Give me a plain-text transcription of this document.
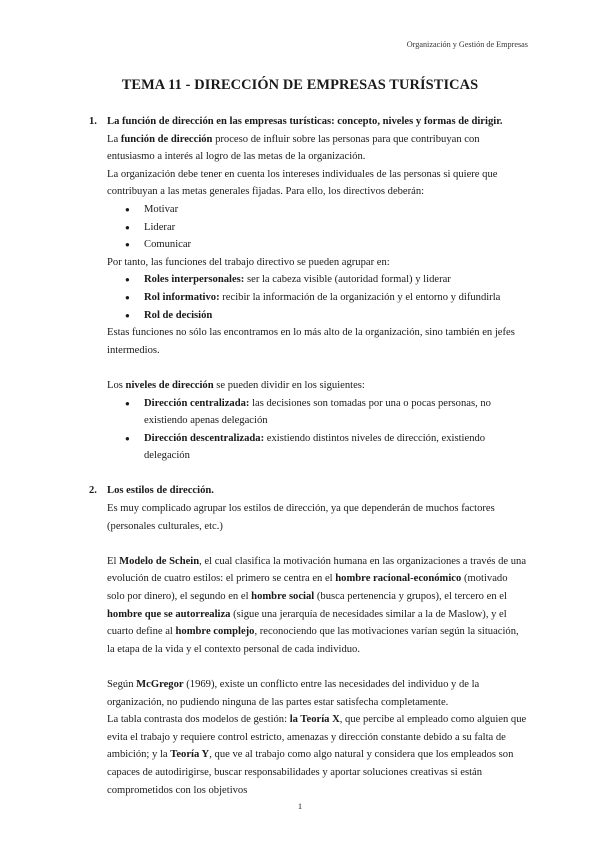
Organización y Gestión de Empresas
TEMA 11 - DIRECCIÓN DE EMPRESAS TURÍSTICAS

1. La función de dirección en las empresas turísticas: concepto, niveles y formas de dirigir.

La función de dirección proceso de influir sobre las personas para que contribuyan con entusiasmo a interés al logro de las metas de la organización.

La organización debe tener en cuenta los intereses individuales de las personas si quiere que contribuyan a las metas generales fijadas. Para ello, los directivos deberán:

● Motivar
● Liderar
● Comunicar

Por tanto, las funciones del trabajo directivo se pueden agrupar en:

● Roles interpersonales: ser la cabeza visible (autoridad formal) y liderar
● Rol informativo: recibir la información de la organización y el entorno y difundirla
● Rol de decisión

Estas funciones no sólo las encontramos en lo más alto de la organización, sino también en jefes intermedios.

Los niveles de dirección se pueden dividir en los siguientes:

● Dirección centralizada: las decisiones son tomadas por una o pocas personas, no existiendo apenas delegación
● Dirección descentralizada: existiendo distintos niveles de dirección, existiendo delegación

2. Los estilos de dirección.

Es muy complicado agrupar los estilos de dirección, ya que dependerán de muchos factores (personales culturales, etc.)

El Modelo de Schein, el cual clasifica la motivación humana en las organizaciones a través de una evolución de cuatro estilos: el primero se centra en el hombre racional-económico (motivado solo por dinero), el segundo en el hombre social (busca pertenencia y grupos), el tercero en el hombre que se autorrealiza (sigue una jerarquía de necesidades similar a la de Maslow), y el cuarto define al hombre complejo, reconociendo que las motivaciones varían según la situación, la etapa de la vida y el contexto personal de cada individuo.

Según McGregor (1969), existe un conflicto entre las necesidades del individuo y de la organización, no pudiendo ninguna de las partes estar satisfecha completamente.

La tabla contrasta dos modelos de gestión: la Teoría X, que percibe al empleado como alguien que evita el trabajo y requiere control estricto, amenazas y dirección constante debido a su falta de ambición; y la Teoría Y, que ve al trabajo como algo natural y considera que los empleados son capaces de autodirigirse, buscar responsabilidades y aportar soluciones creativas si están comprometidos con los objetivos

1
